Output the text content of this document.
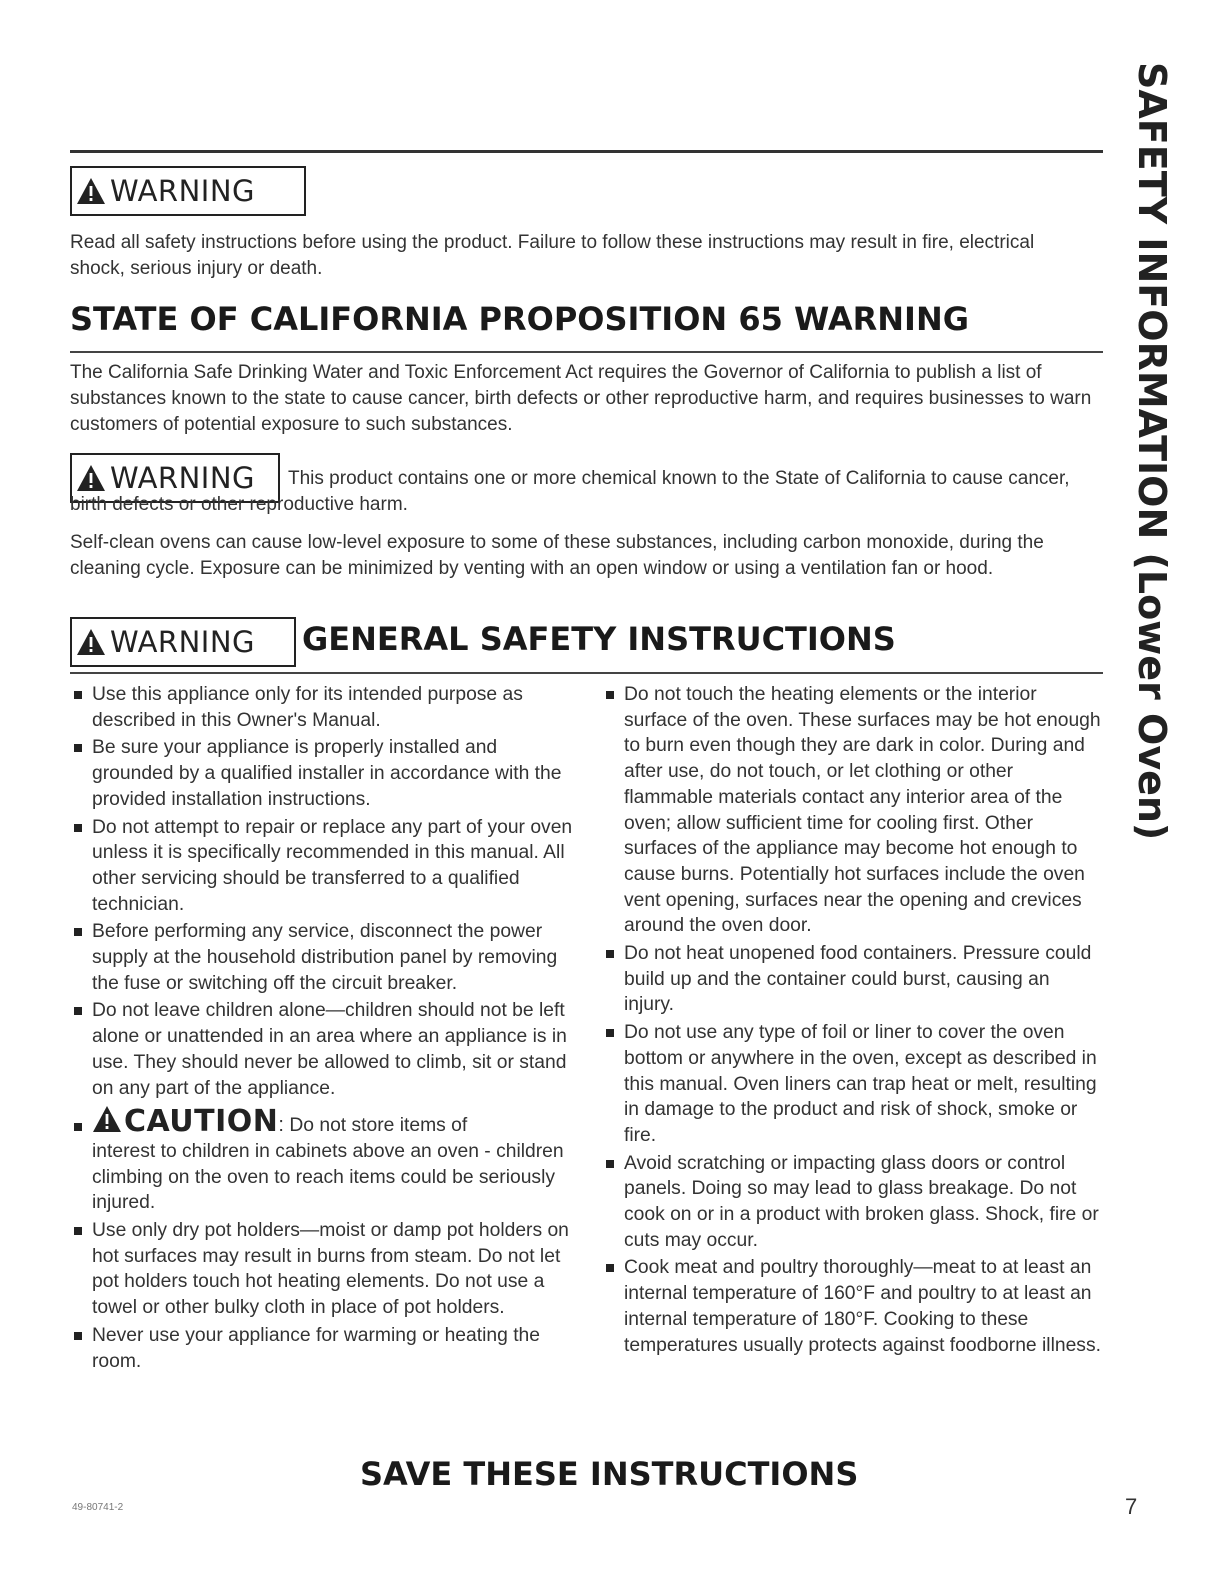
SAFETY INFORMATION (Lower Oven)
WARNING
Read all safety instructions before using the product. Failure to follow these instructions may result in fire, electrical shock, serious injury or death.
STATE OF CALIFORNIA PROPOSITION 65 WARNING
The California Safe Drinking Water and Toxic Enforcement Act requires the Governor of California to publish a list of substances known to the state to cause cancer, birth defects or other reproductive harm, and requires businesses to warn customers of potential exposure to such substances.
WARNING	This product contains one or more chemical known to the State of California to cause cancer, birth defects or other reproductive harm.
Self-clean ovens can cause low-level exposure to some of these substances, including carbon monoxide, during the cleaning cycle. Exposure can be minimized by venting with an open window or using a ventilation fan or hood.
WARNING GENERAL SAFETY INSTRUCTIONS
Use this appliance only for its intended purpose as described in this Owner's Manual.
Be sure your appliance is properly installed and grounded by a qualified installer in accordance with the provided installation instructions.
Do not attempt to repair or replace any part of your oven unless it is specifically recommended in this manual. All other servicing should be transferred to a qualified technician.
Before performing any service, disconnect the power supply at the household distribution panel by removing the fuse or switching off the circuit breaker.
Do not leave children alone—children should not be left alone or unattended in an area where an appliance is in use. They should never be allowed to climb, sit or stand on any part of the appliance.
CAUTION: Do not store items of
interest to children in cabinets above an oven - children climbing on the oven to reach items could be seriously injured.
Use only dry pot holders—moist or damp pot holders on hot surfaces may result in burns from steam. Do not let pot holders touch hot heating elements. Do not use a towel or other bulky cloth in place of pot holders.
Never use your appliance for warming or heating the room.
Do not touch the heating elements or the interior surface of the oven. These surfaces may be hot enough to burn even though they are dark in color. During and after use, do not touch, or let clothing or other flammable materials contact any interior area of the oven; allow sufficient time for cooling first. Other surfaces of the appliance may become hot enough to cause burns. Potentially hot surfaces include the oven vent opening, surfaces near the opening and crevices around the oven door.
Do not heat unopened food containers. Pressure could build up and the container could burst, causing an injury.
Do not use any type of foil or liner to cover the oven bottom or anywhere in the oven, except as described in this manual. Oven liners can trap heat or melt, resulting in damage to the product and risk of shock, smoke or fire.
Avoid scratching or impacting glass doors or control panels. Doing so may lead to glass breakage. Do not cook on or in a product with broken glass. Shock, fire or cuts may occur.
Cook meat and poultry thoroughly—meat to at least an internal temperature of 160°F and poultry to at least an internal temperature of 180°F. Cooking to these temperatures usually protects against foodborne illness.
SAVE THESE INSTRUCTIONS
49-80741-2	7
